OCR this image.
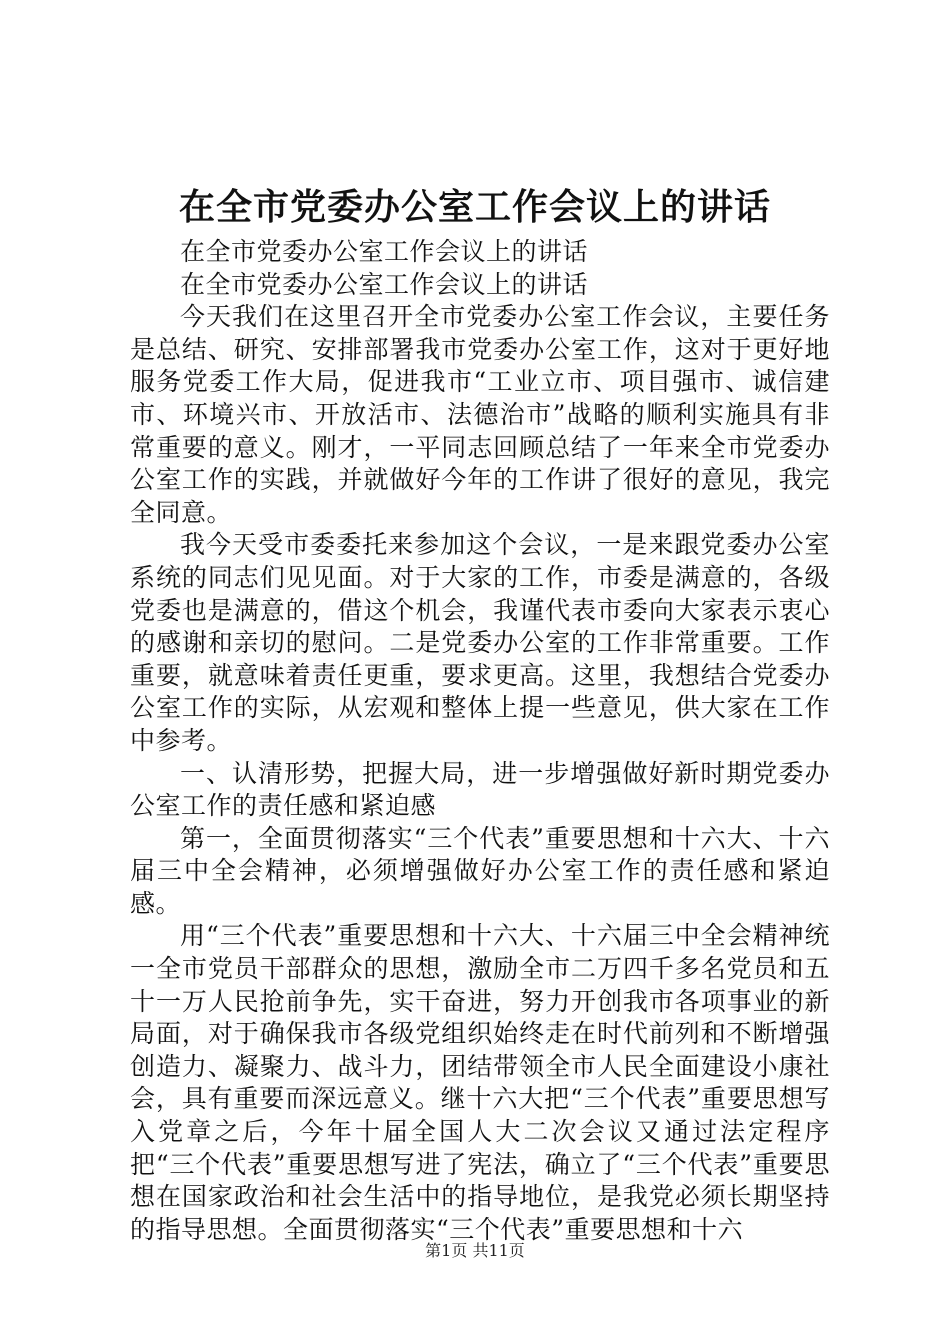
在全市党委办公室工作会议上的讲话

在全市党委办公室工作会议上的讲话

在全市党委办公室工作会议上的讲话

今天我们在这里召开全市党委办公室工作会议，主要任务是总结、研究、安排部署我市党委办公室工作，这对于更好地服务党委工作大局，促进我市“工业立市、项目强市、诚信建市、环境兴市、开放活市、法德治市”战略的顺利实施具有非常重要的意义。刚才，一平同志回顾总结了一年来全市党委办公室工作的实践，并就做好今年的工作讲了很好的意见，我完全同意。

我今天受市委委托来参加这个会议，一是来跟党委办公室系统的同志们见见面。对于大家的工作，市委是满意的，各级党委也是满意的，借这个机会，我谨代表市委向大家表示衷心的感谢和亲切的慰问。二是党委办公室的工作非常重要。工作重要，就意味着责任更重，要求更高。这里，我想结合党委办公室工作的实际，从宏观和整体上提一些意见，供大家在工作中参考。

一、认清形势，把握大局，进一步增强做好新时期党委办公室工作的责任感和紧迫感

第一，全面贯彻落实“三个代表”重要思想和十六大、十六届三中全会精神，必须增强做好办公室工作的责任感和紧迫感。

用“三个代表”重要思想和十六大、十六届三中全会精神统一全市党员干部群众的思想，激励全市二万四千多名党员和五十一万人民抢前争先，实干奋进，努力开创我市各项事业的新局面，对于确保我市各级党组织始终走在时代前列和不断增强创造力、凝聚力、战斗力，团结带领全市人民全面建设小康社会，具有重要而深远意义。继十六大把“三个代表”重要思想写入党章之后，今年十届全国人大二次会议又通过法定程序把“三个代表”重要思想写进了宪法，确立了“三个代表”重要思想在国家政治和社会生活中的指导地位，是我党必须长期坚持的指导思想。全面贯彻落实“三个代表”重要思想和十六

第1页 共11页
